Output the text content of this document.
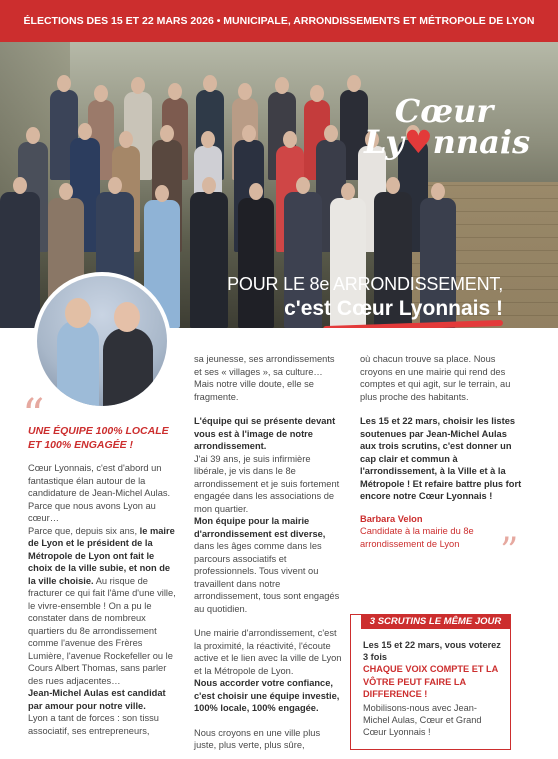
ÉLECTIONS DES 15 ET 22 MARS 2026 • MUNICIPALE, ARRONDISSEMENTS ET MÉTROPOLE DE LYON
Cœur
Ly♥nnais
POUR LE 8e ARRONDISSEMENT,
c'est Cœur Lyonnais !
“
UNE ÉQUIPE 100% LOCALE ET 100% ENGAGÉE !

Cœur Lyonnais, c'est d'abord un fantastique élan autour de la candidature de Jean-Michel Aulas. Parce que nous avons Lyon au cœur…

Parce que, depuis six ans, le maire de Lyon et le président de la Métropole de Lyon ont fait le choix de la ville subie, et non de la ville choisie. Au risque de fracturer ce qui fait l'âme d'une ville, le vivre-ensemble ! On a pu le constater dans de nombreux quartiers du 8e arrondissement comme l'avenue des Frères Lumière, l'avenue Rockefeller ou le Cours Albert Thomas, sans parler des rues adjacentes…

Jean-Michel Aulas est candidat par amour pour notre ville.

Lyon a tant de forces : son tissu associatif, ses entrepreneurs,

sa jeunesse, ses arrondissements et ses « villages », sa culture… Mais notre ville doute, elle se fragmente.

L'équipe qui se présente devant vous est à l'image de notre arrondissement.

J'ai 39 ans, je suis infirmière libérale, je vis dans le 8e arrondissement et je suis fortement engagée dans les associations de mon quartier.

Mon équipe pour la mairie d'arrondissement est diverse, dans les âges comme dans les parcours associatifs et professionnels. Tous vivent ou travaillent dans notre arrondissement, tous sont engagés au quotidien.

Une mairie d'arrondissement, c'est la proximité, la réactivité, l'écoute active et le lien avec la ville de Lyon et la Métropole de Lyon.

Nous accorder votre confiance, c'est choisir une équipe investie, 100% locale, 100% engagée.

Nous croyons en une ville plus juste, plus verte, plus sûre,

où chacun trouve sa place. Nous croyons en une mairie qui rend des comptes et qui agit, sur le terrain, au plus proche des habitants.

Les 15 et 22 mars, choisir les listes soutenues par Jean-Michel Aulas aux trois scrutins, c'est donner un cap clair et commun à l'arrondissement, à la Ville et à la Métropole ! Et refaire battre plus fort encore notre Cœur Lyonnais !

Barbara Velon
Candidate à la mairie du 8e arrondissement de Lyon	”
3 SCRUTINS LE MÊME JOUR
Les 15 et 22 mars, vous voterez 3 fois
CHAQUE VOIX COMPTE ET LA VÔTRE PEUT FAIRE LA DIFFERENCE !
Mobilisons-nous avec Jean-Michel Aulas, Cœur et Grand Cœur Lyonnais !
